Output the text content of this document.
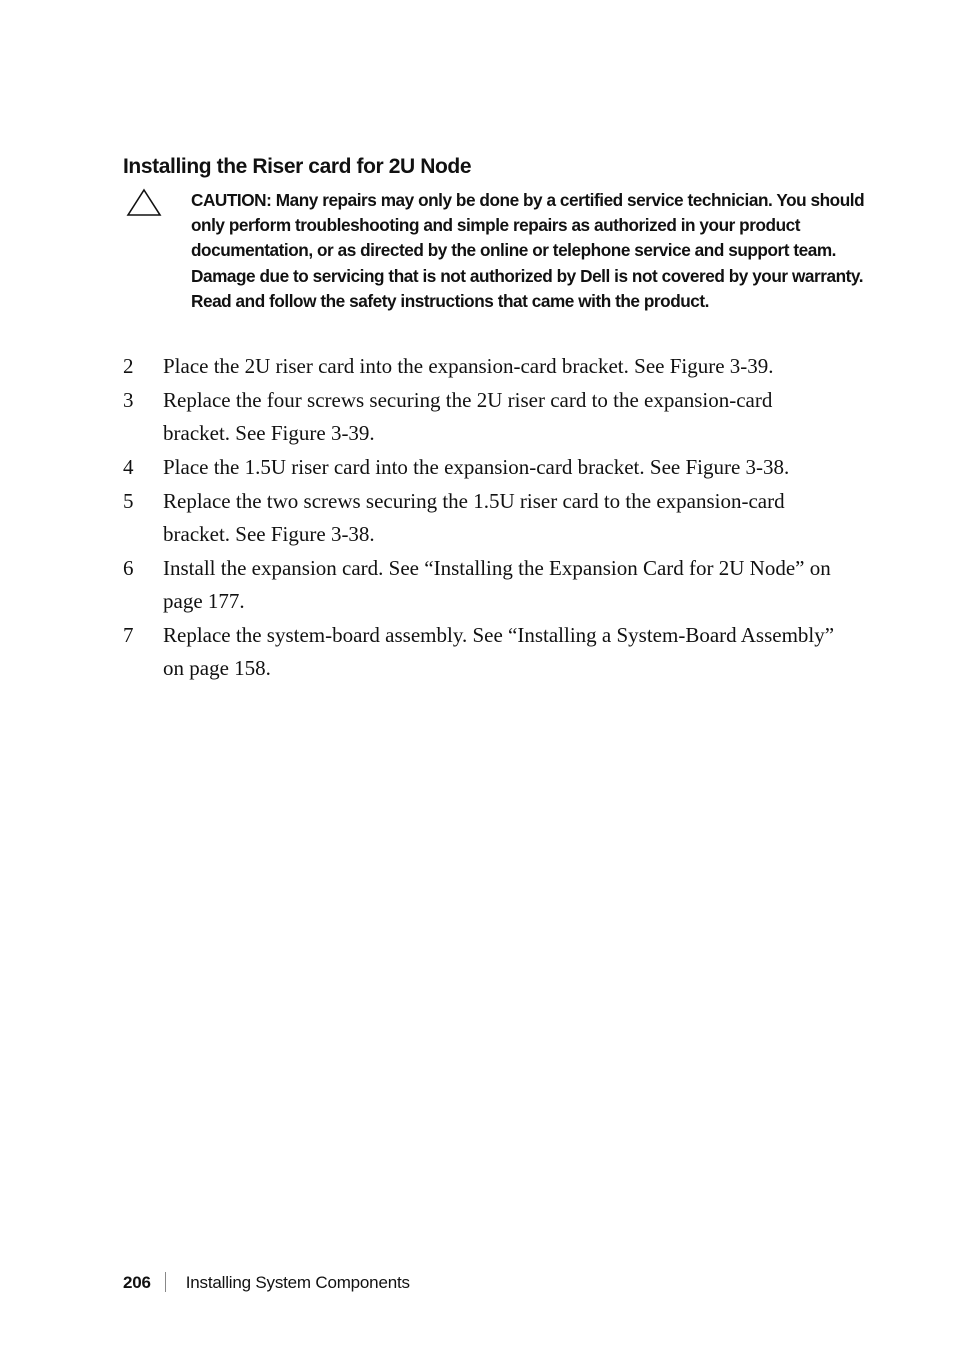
Installing the Riser card for 2U Node

CAUTION: Many repairs may only be done by a certified service technician. You should only perform troubleshooting and simple repairs as authorized in your product documentation, or as directed by the online or telephone service and support team. Damage due to servicing that is not authorized by Dell is not covered by your warranty. Read and follow the safety instructions that came with the product.

2 Place the 2U riser card into the expansion-card bracket. See Figure 3-39.
3 Replace the four screws securing the 2U riser card to the expansion-card bracket. See Figure 3-39.
4 Place the 1.5U riser card into the expansion-card bracket. See Figure 3-38.
5 Replace the two screws securing the 1.5U riser card to the expansion-card bracket. See Figure 3-38.
6 Install the expansion card. See “Installing the Expansion Card for 2U Node” on page 177.
7 Replace the system-board assembly. See “Installing a System-Board Assembly” on page 158.
206 Installing System Components
